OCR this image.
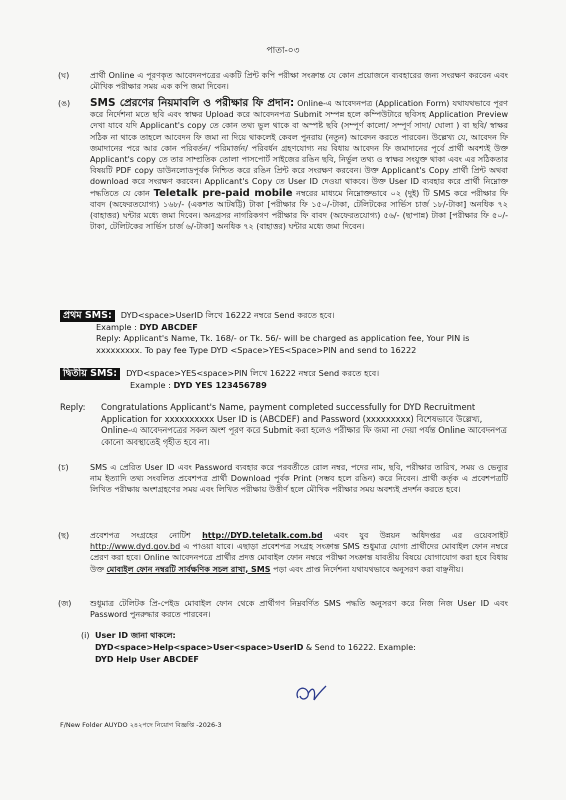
পাতা-০৩
(ঘ)	প্রার্থী Online এ পূরণকৃত আবেদনপত্রের একটি প্রিন্ট কপি পরীক্ষা সংক্রান্ত যে কোন প্রয়োজনে ব্যবহারের জন্য সংরক্ষণ করবেন এবং মৌখিক পরীক্ষার সময় এক কপি জমা দিবেন।
(ঙ) SMS প্রেরণের নিয়মাবলি ও পরীক্ষার ফি প্রদান: Online-এ আবেদনপত্র (Application Form) যথাযথভাবে পূরণ করে নির্দেশনা মতে ছবি এবং স্বাক্ষর Upload করে আবেদনপত্র Submit সম্পন্ন হলে কম্পিউটারে ছবিসহ Application Preview দেখা যাবে যদি Applicant's copy তে কোন তথ্য ভুল থাকে বা অস্পষ্ট ছবি (সম্পূর্ণ কালো/ সম্পূর্ণ সাদা/ ঘোলা ) বা ছবি/ স্বাক্ষর সঠিক না থাকে তাহলে আবেদন ফি জমা না দিয়ে থাকলেই কেবল পুনরায় (নতুন) আবেদন করতে পারবেন। উল্লেখ্য যে, আবেদন ফি জমাদানের পরে আর কোন পরিবর্তন/ পরিমার্জন/ পরিবর্ধন গ্রহণযোগ্য নয় বিধায় আবেদন ফি জমাদানের পূর্বে প্রার্থী অবশ্যই উক্ত Applicant's copy তে তার সাম্প্রতিক তোলা পাসপোর্ট সাইজের রঙিন ছবি, নির্ভুল তথ্য ও স্বাক্ষর সংযুক্ত থাকা এবং এর সঠিকতার বিষয়টি PDF copy ডাউনলোডপূর্বক নিশ্চিত করে রঙিন প্রিন্ট করে সংরক্ষণ করবেন। উক্ত Applicant's Copy প্রার্থী প্রিন্ট অথবা download করে সংরক্ষণ করবেন। Applicant's Copy তে User ID দেওয়া থাকবে। উক্ত User ID ব্যবহার করে প্রার্থী নিম্নোক্ত পদ্ধতিতে যে কোন Teletalk pre-paid mobile নম্বরের মাধ্যমে নিম্নোক্তভাবে ০২ (দুই) টি SMS করে পরীক্ষার ফি বাবদ (অফেরতযোগ্য) ১৬৮/- (একশত আটষট্টি) টাকা [পরীক্ষার ফি ১৫০/-টাকা, টেলিটকের সার্ভিস চার্জ ১৮/-টাকা] অনধিক ৭২ (বাহাত্তর) ঘন্টার মধ্যে জমা দিবেন। অনগ্রসর নাগরিকগণ পরীক্ষার ফি বাবদ (অফেরতযোগ্য) ৫৬/- (ছাপান্ন) টাকা [পরীক্ষার ফি ৫০/-টাকা, টেলিটকের সার্ভিস চার্জ ৬/-টাকা] অনধিক ৭২ (বাহাত্তর) ঘন্টার মধ্যে জমা দিবেন।
প্রথম SMS:	DYD<space>UserID লিখে 16222 নম্বরে Send করতে হবে।
Example : DYD ABCDEF
Reply: Applicant's Name, Tk. 168/- or Tk. 56/- will be charged as application fee, Your PIN is xxxxxxxxx. To pay fee Type DYD <Space>YES<Space>PIN and send to 16222
দ্বিতীয় SMS:	DYD<space>YES<space>PIN লিখে 16222 নম্বরে Send করতে হবে।
Example : DYD YES 123456789
Reply:	Congratulations Applicant's Name, payment completed successfully for DYD Recruitment Application for xxxxxxxxxx User ID is (ABCDEF) and Password (xxxxxxxxx) বিশেষভাবে উল্লেখ্য, Online-এ আবেদনপত্রের সকল অংশ পূরণ করে Submit করা হলেও পরীক্ষার ফি জমা না দেয়া পর্যন্ত Online আবেদনপত্র কোনো অবস্থাতেই গৃহীত হবে না।
(চ)	SMS এ প্রেরিত User ID এবং Password ব্যবহার করে পরবর্তীতে রোল নম্বর, পদের নাম, ছবি, পরীক্ষার তারিখ, সময় ও ভেন্যুর নাম ইত্যাদি তথ্য সংবলিত প্রবেশপত্র প্রার্থী Download পূর্বক Print (সম্ভব হলে রঙিন) করে নিবেন। প্রার্থী কর্তৃক এ প্রবেশপত্রটি লিখিত পরীক্ষায় অংশগ্রহণের সময় এবং লিখিত পরীক্ষায় উত্তীর্ণ হলে মৌখিক পরীক্ষার সময় অবশ্যই প্রদর্শন করতে হবে।
(ছ)	প্রবেশপত্র সংগ্রহের নোটিশ http://DYD.teletalk.com.bd এবং যুব উন্নয়ন অধিদপ্তর এর ওয়েবসাইট http://www.dyd.gov.bd এ পাওয়া যাবে। এছাড়া প্রবেশপত্র সংগ্রহ সংক্রান্ত SMS শুধুমাত্র যোগ্য প্রার্থীদের মোবাইল ফোন নম্বরে প্রেরণ করা হবে। Online আবেদনপত্রে প্রার্থীর প্রদত্ত মোবাইল ফোন নম্বরে পরীক্ষা সংক্রান্ত যাবতীয় বিষয়ে যোগাযোগ করা হবে বিধায় উক্ত মোবাইল ফোন নম্বরটি সার্বক্ষণিক সচল রাখা, SMS পড়া এবং প্রাপ্ত নির্দেশনা যথাযথভাবে অনুসরণ করা বাঞ্ছনীয়।
(জ) শুধুমাত্র টেলিটক প্রি-পেইড মোবাইল ফোন থেকে প্রার্থীগণ নিম্নবর্ণিত SMS পদ্ধতি অনুসরণ করে নিজ নিজ User ID এবং Password পুনরুদ্ধার করতে পারবেন।
(i) User ID জানা থাকলে:
DYD<space>Help<space>User<space>UserID & Send to 16222. Example:
DYD Help User ABCDEF
F/New Folder AUYDO ২৪২পদে নিয়োগ বিজ্ঞপ্তি -2026-3
